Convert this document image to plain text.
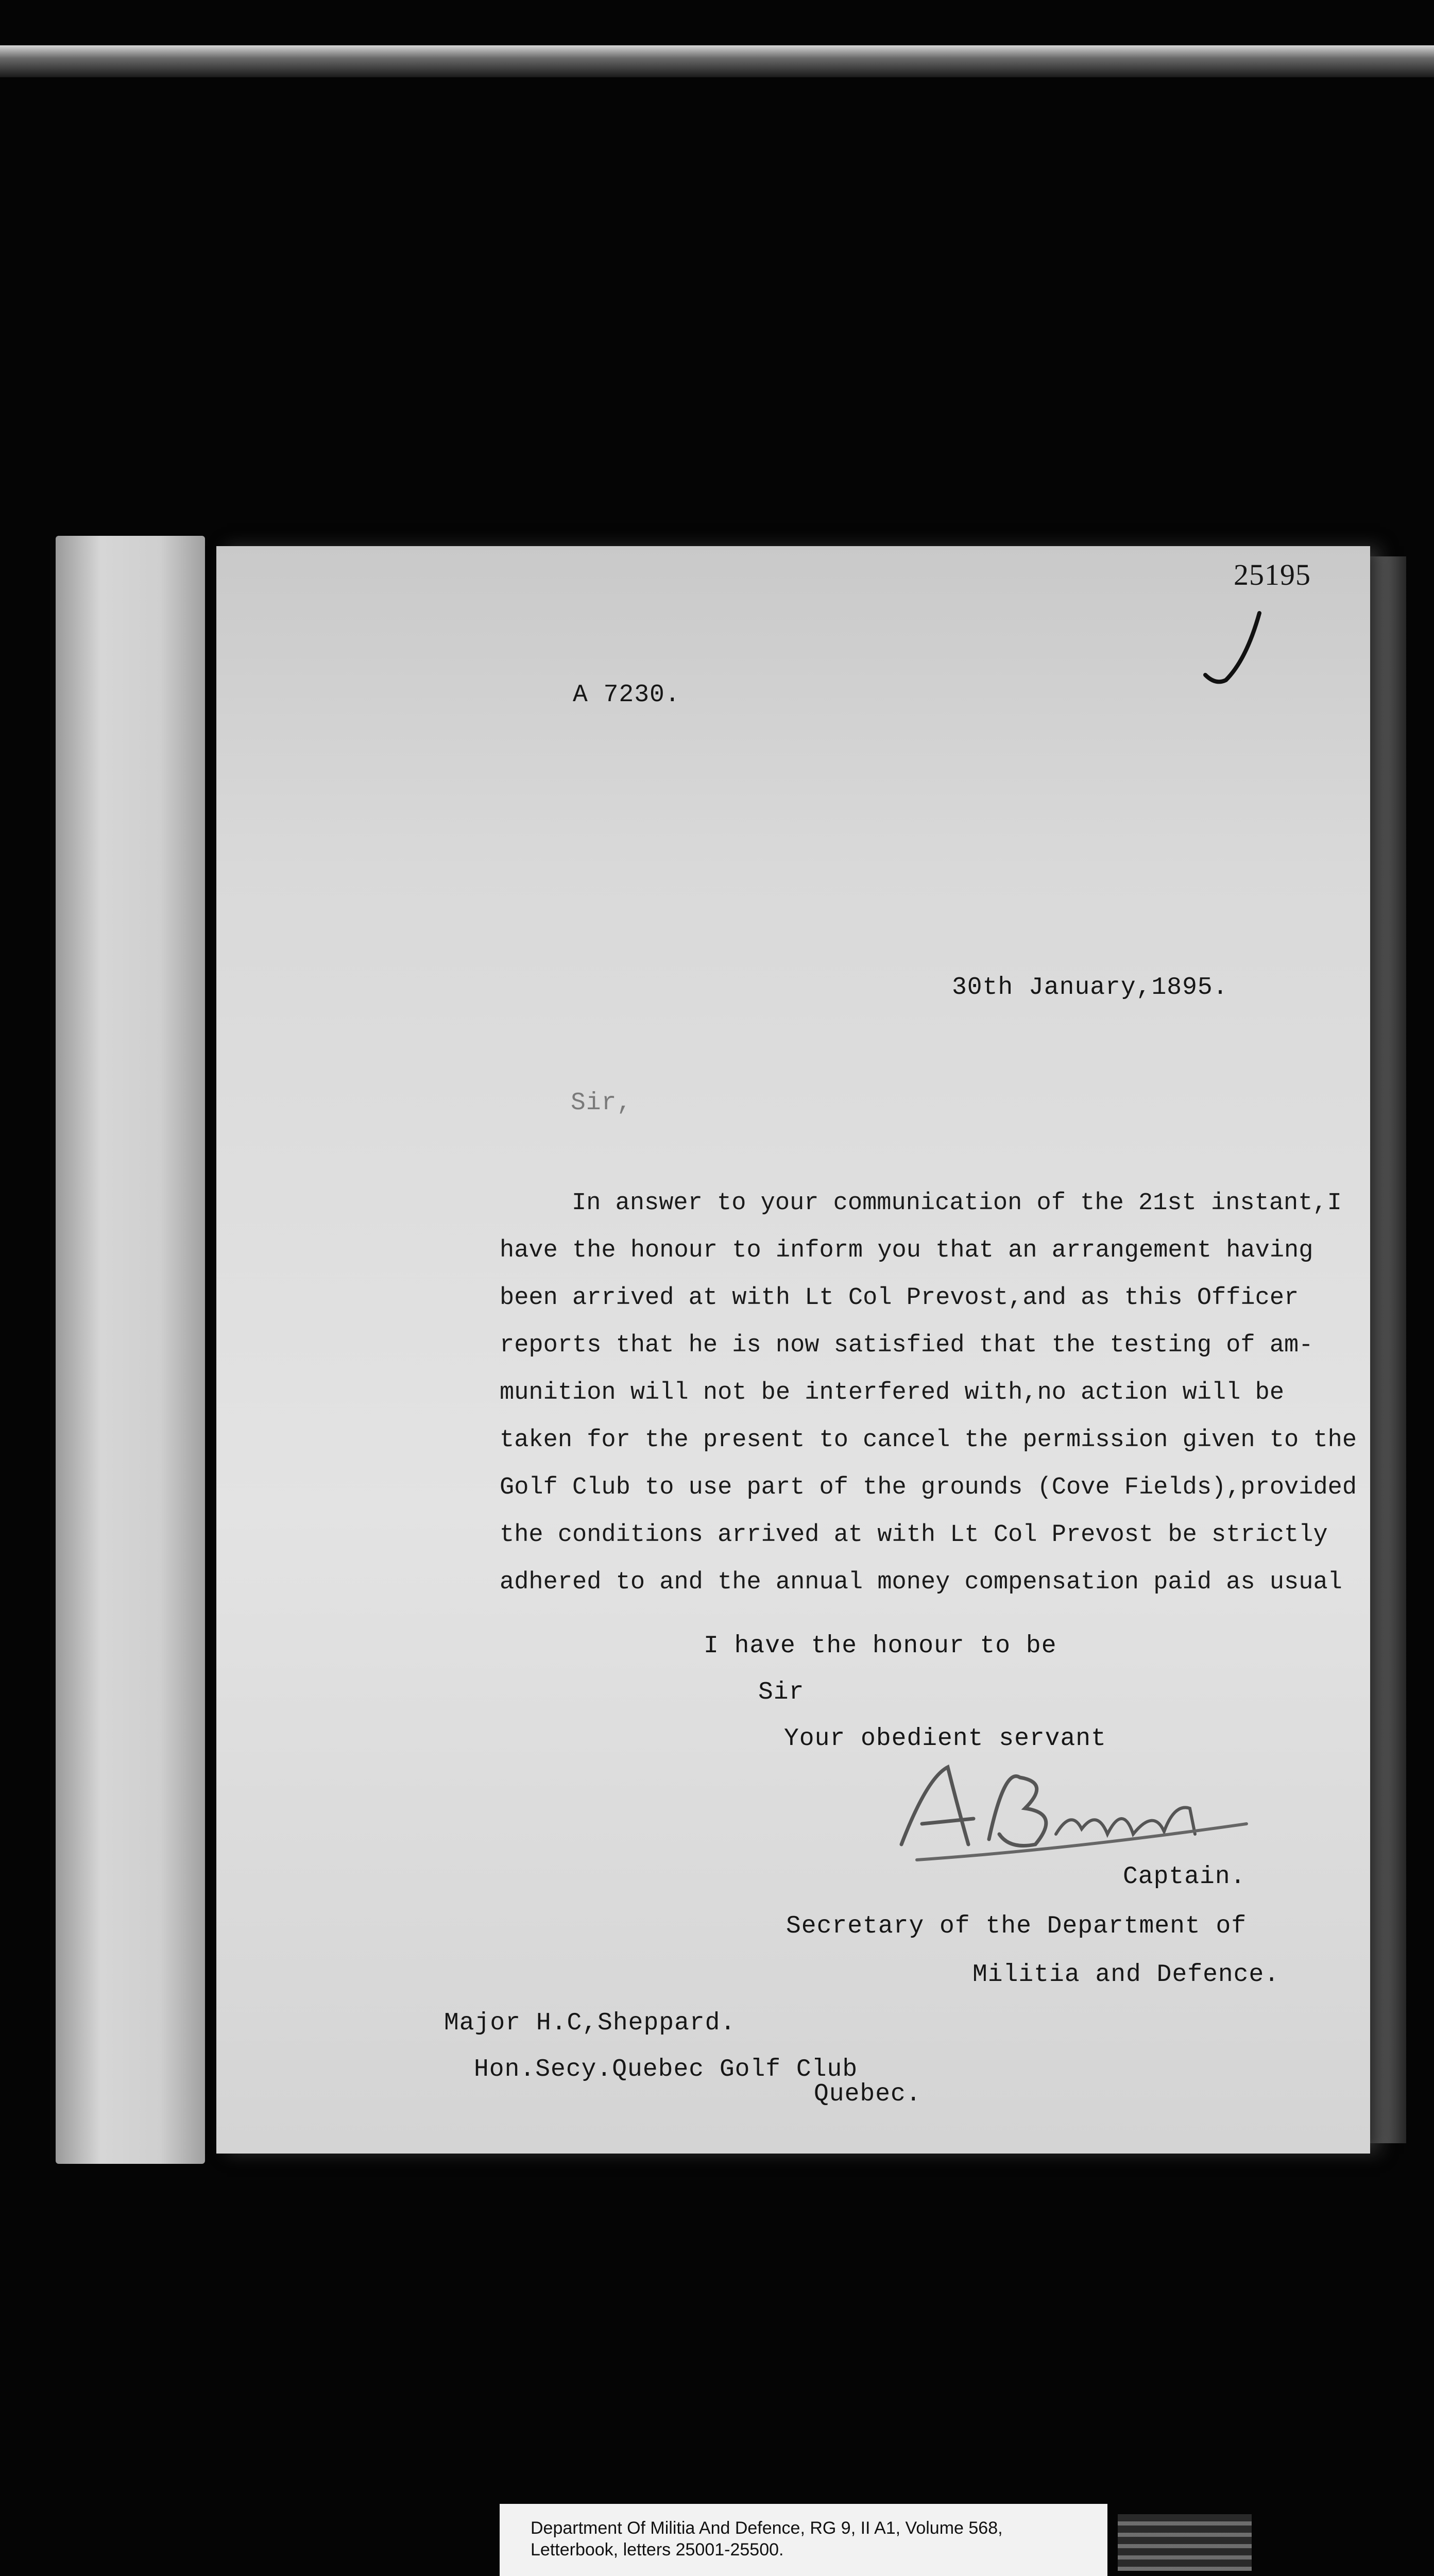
25195
A 7230.
30th January,1895.
Sir,

In answer to your communication of the 21st instant,I

have the honour to inform you that an arrangement having

been arrived at with Lt Col Prevost,and as this Officer

reports that he is now satisfied that the testing of am-

munition will not be interfered with,no action will be

taken for the present to cancel the permission given to the

Golf Club to use part of the grounds (Cove Fields),provided

the conditions arrived at with Lt Col Prevost be strictly

adhered to and the annual money compensation paid as usual

I have the honour to be
Sir
Your obedient servant
Captain.
Secretary of the Department of
Militia and Defence.
Major H.C,Sheppard.
Hon.Secy.Quebec Golf Club
Quebec.
Department Of Militia And Defence, RG 9, II A1, Volume 568,
Letterbook, letters 25001-25500.
